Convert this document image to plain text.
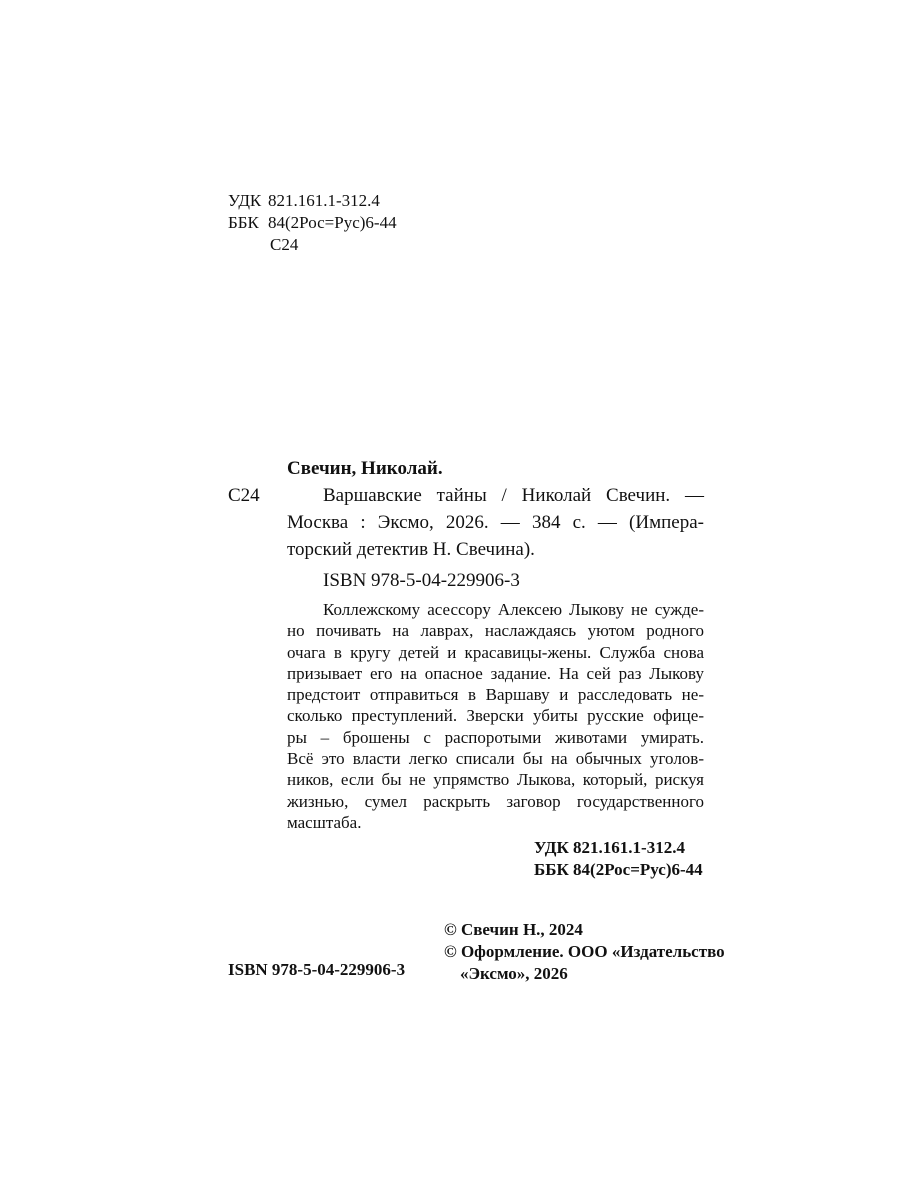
УДК 821.161.1-312.4
ББК 84(2Рос=Рус)6-44
С24
Свечин, Николай.
С24	Варшавские тайны / Николай Свечин. —
Москва : Эксмо, 2026. — 384 с. — (Импера-
торский детектив Н. Свечина).
ISBN 978-5-04-229906-3
Коллежскому асессору Алексею Лыкову не сужде-
но почивать на лаврах, наслаждаясь уютом родного
очага в кругу детей и красавицы-жены. Служба снова
призывает его на опасное задание. На сей раз Лыкову
предстоит отправиться в Варшаву и расследовать не-
сколько преступлений. Зверски убиты русские офице-
ры – брошены с распоротыми животами умирать.
Всё это власти легко списали бы на обычных уголов-
ников, если бы не упрямство Лыкова, который, рискуя
жизнью, сумел раскрыть заговор государственного
масштаба.
УДК 821.161.1-312.4
ББК 84(2Рос=Рус)6-44
© Свечин Н., 2024
© Оформление. ООО «Издательство
«Эксмо», 2026
ISBN 978-5-04-229906-3
